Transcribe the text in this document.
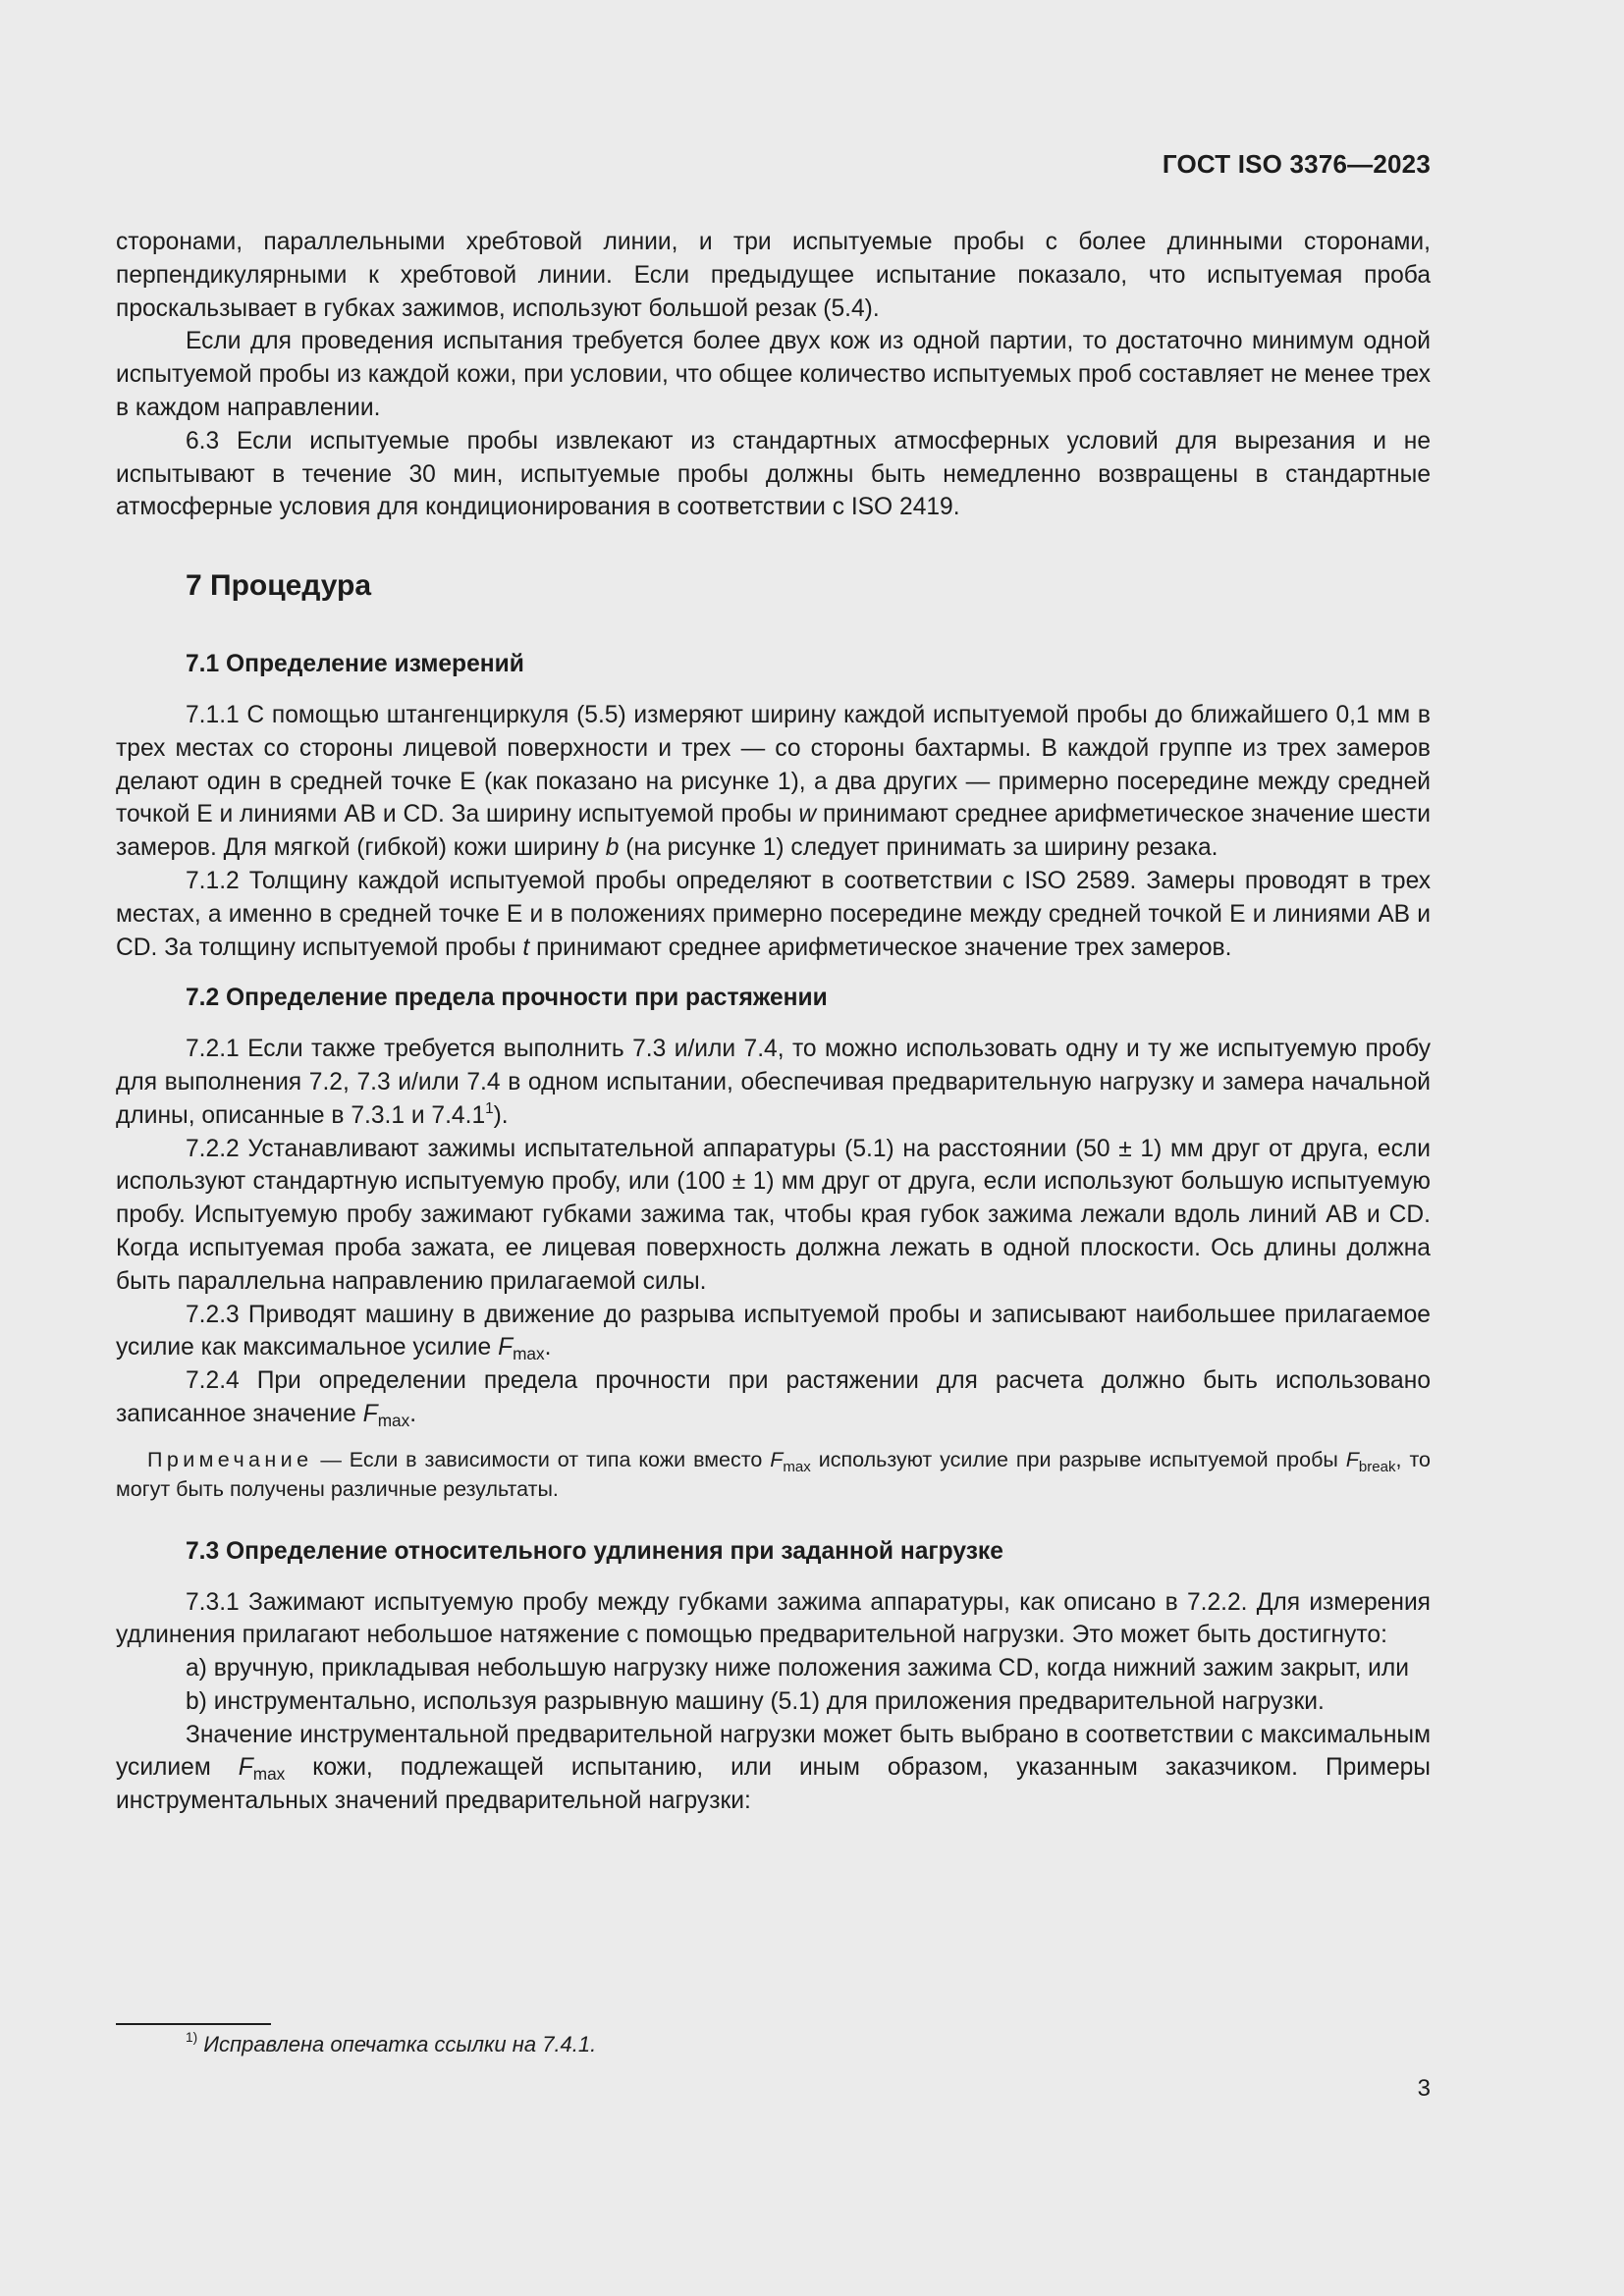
ГОСТ ISO 3376—2023

сторонами, параллельными хребтовой линии, и три испытуемые пробы с более длинными сторонами, перпендикулярными к хребтовой линии. Если предыдущее испытание показало, что испытуемая проба проскальзывает в губках зажимов, используют большой резак (5.4).

Если для проведения испытания требуется более двух кож из одной партии, то достаточно минимум одной испытуемой пробы из каждой кожи, при условии, что общее количество испытуемых проб составляет не менее трех в каждом направлении.

6.3 Если испытуемые пробы извлекают из стандартных атмосферных условий для вырезания и не испытывают в течение 30 мин, испытуемые пробы должны быть немедленно возвращены в стандартные атмосферные условия для кондиционирования в соответствии с ISO 2419.

7 Процедура
7.1 Определение измерений

7.1.1 С помощью штангенциркуля (5.5) измеряют ширину каждой испытуемой пробы до ближайшего 0,1 мм в трех местах со стороны лицевой поверхности и трех — со стороны бахтармы. В каждой группе из трех замеров делают один в средней точке E (как показано на рисунке 1), а два других — примерно посередине между средней точкой E и линиями AB и CD. За ширину испытуемой пробы w принимают среднее арифметическое значение шести замеров. Для мягкой (гибкой) кожи ширину b (на рисунке 1) следует принимать за ширину резака.

7.1.2 Толщину каждой испытуемой пробы определяют в соответствии с ISO 2589. Замеры проводят в трех местах, а именно в средней точке E и в положениях примерно посередине между средней точкой E и линиями AB и CD. За толщину испытуемой пробы t принимают среднее арифметическое значение трех замеров.

7.2 Определение предела прочности при растяжении

7.2.1 Если также требуется выполнить 7.3 и/или 7.4, то можно использовать одну и ту же испытуемую пробу для выполнения 7.2, 7.3 и/или 7.4 в одном испытании, обеспечивая предварительную нагрузку и замера начальной длины, описанные в 7.3.1 и 7.4.1$^1$).

7.2.2 Устанавливают зажимы испытательной аппаратуры (5.1) на расстоянии (50 ± 1) мм друг от друга, если используют стандартную испытуемую пробу, или (100 ± 1) мм друг от друга, если используют большую испытуемую пробу. Испытуемую пробу зажимают губками зажима так, чтобы края губок зажима лежали вдоль линий AB и CD. Когда испытуемая проба зажата, ее лицевая поверхность должна лежать в одной плоскости. Ось длины должна быть параллельна направлению прилагаемой силы.

7.2.3 Приводят машину в движение до разрыва испытуемой пробы и записывают наибольшее прилагаемое усилие как максимальное усилие $F_{max}$.

7.2.4 При определении предела прочности при растяжении для расчета должно быть использовано записанное значение $F_{max}$.

Примечание — Если в зависимости от типа кожи вместо $F_{max}$ используют усилие при разрыве испытуемой пробы $F_{break}$, то могут быть получены различные результаты.

7.3 Определение относительного удлинения при заданной нагрузке

7.3.1 Зажимают испытуемую пробу между губками зажима аппаратуры, как описано в 7.2.2. Для измерения удлинения прилагают небольшое натяжение с помощью предварительной нагрузки. Это может быть достигнуто:

a) вручную, прикладывая небольшую нагрузку ниже положения зажима CD, когда нижний зажим закрыт, или

b) инструментально, используя разрывную машину (5.1) для приложения предварительной нагрузки.

Значение инструментальной предварительной нагрузки может быть выбрано в соответствии с максимальным усилием $F_{max}$ кожи, подлежащей испытанию, или иным образом, указанным заказчиком. Примеры инструментальных значений предварительной нагрузки:

$^{1)}$ Исправлена опечатка ссылки на 7.4.1.
3
